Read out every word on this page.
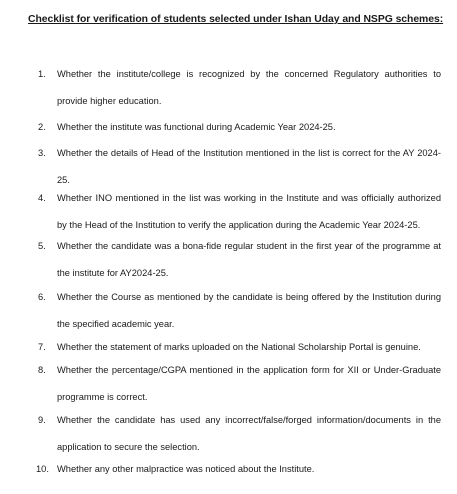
Checklist for verification of students selected under Ishan Uday and NSPG schemes:
1. Whether the institute/college is recognized by the concerned Regulatory authorities to provide higher education.
2. Whether the institute was functional during Academic Year 2024-25.
3. Whether the details of Head of the Institution mentioned in the list is correct for the AY 2024-25.
4. Whether INO mentioned in the list was working in the Institute and was officially authorized by the Head of the Institution to verify the application during the Academic Year 2024-25.
5. Whether the candidate was a bona-fide regular student in the first year of the programme at the institute for AY2024-25.
6. Whether the Course as mentioned by the candidate is being offered by the Institution during the specified academic year.
7. Whether the statement of marks uploaded on the National Scholarship Portal is genuine.
8. Whether the percentage/CGPA mentioned in the application form for XII or Under-Graduate programme is correct.
9. Whether the candidate has used any incorrect/false/forged information/documents in the application to secure the selection.
10. Whether any other malpractice was noticed about the Institute.
